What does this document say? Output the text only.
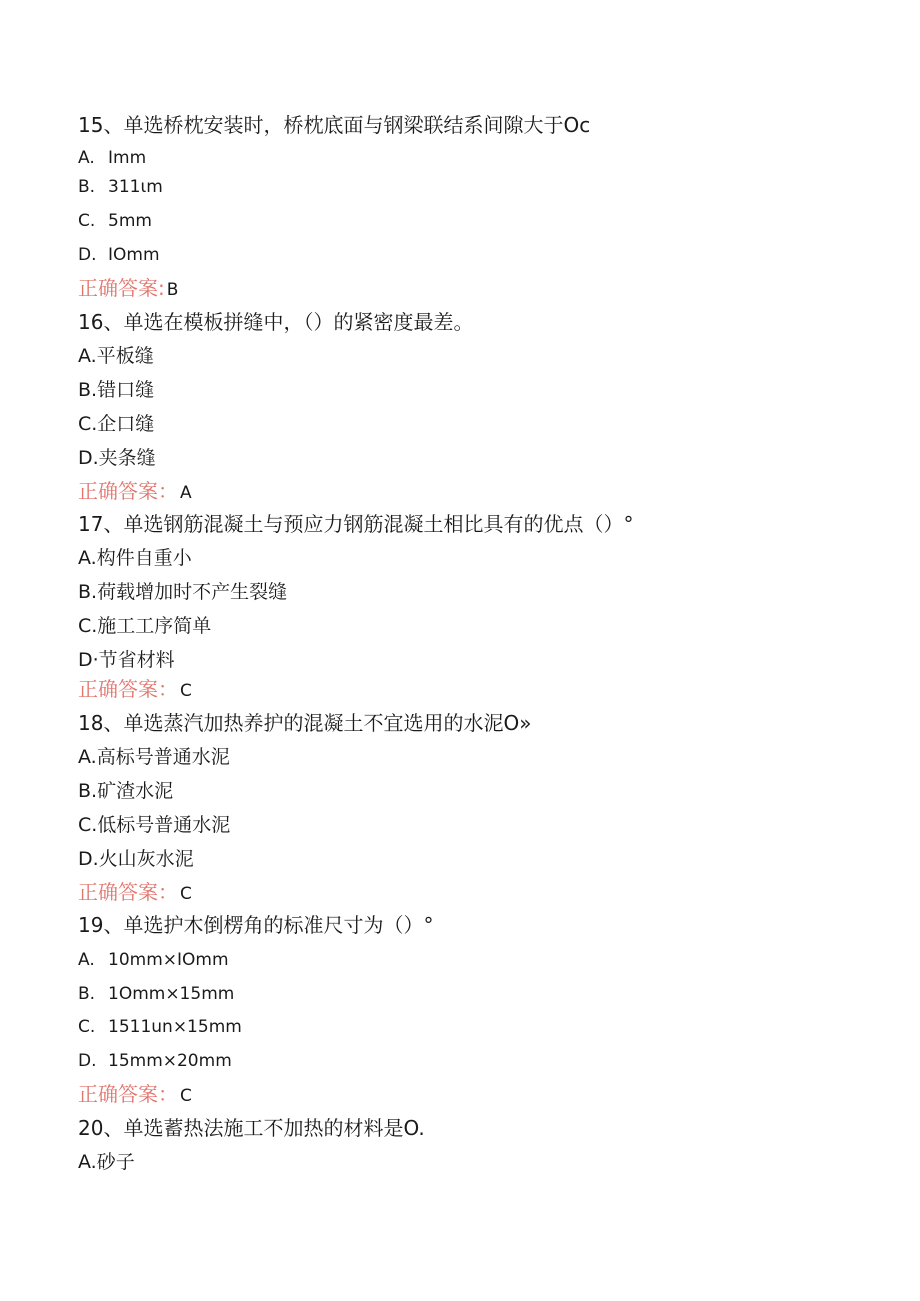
15、单选桥枕安装时，桥枕底面与钢梁联结系间隙大于Oc
A. Imm
B. 311ιm
C. 5mm
D. IOmm
正确答案: B
16、单选在模板拼缝中，（）的紧密度最差。
A.平板缝
B.错口缝
C.企口缝
D.夹条缝
正确答案： A
17、单选钢筋混凝土与预应力钢筋混凝土相比具有的优点（）°
A.构件自重小
B.荷载增加时不产生裂缝
C.施工工序简单
D·节省材料
正确答案： C
18、单选蒸汽加热养护的混凝土不宜选用的水泥O»
A.高标号普通水泥
B.矿渣水泥
C.低标号普通水泥
D.火山灰水泥
正确答案： C
19、单选护木倒楞角的标准尺寸为（）°
A. 10mm×IOmm
B. 1Omm×15mm
C. 1511un×15mm
D. 15mm×20mm
正确答案： C
20、单选蓄热法施工不加热的材料是O.
A.砂子
